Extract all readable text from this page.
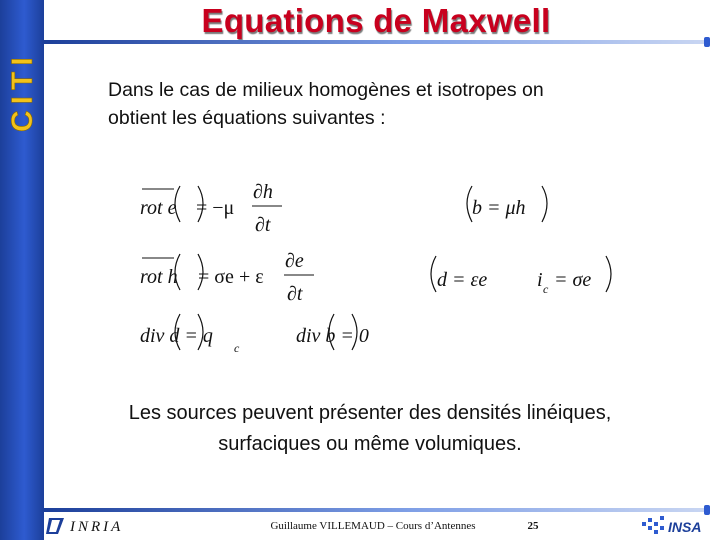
CITI
Equations de Maxwell
Dans le cas de milieux homogènes et isotropes on
obtient les équations suivantes :
rot e = −μ
∂h
∂t
rot h = σe + ε
∂e
∂t
div d = q
c
div b = 0
b = μh
d = εe i c = σe
Les sources peuvent présenter des densités linéiques,
surfaciques ou même volumiques.
INRIA	Guillaume VILLEMAUD – Cours d’Antennes	25	INSA
